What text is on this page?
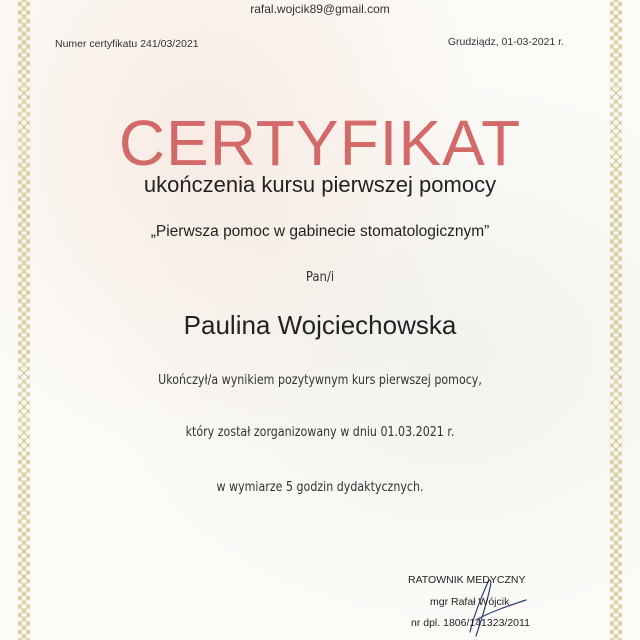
rafal.wojcik89@gmail.com
Numer certyfikatu 241/03/2021	Grudziądz, 01-03-2021 r.
CERTYFIKAT
ukończenia kursu pierwszej pomocy
„Pierwsza pomoc w gabinecie stomatologicznym”
Pan/i
Paulina Wojciechowska
Ukończył/a wynikiem pozytywnym kurs pierwszej pomocy,
który został zorganizowany w dniu 01.03.2021 r.
w wymiarze 5 godzin dydaktycznych.
RATOWNIK MEDYCZNY
mgr Rafał Wójcik
nr dpl. 1806/141323/2011
